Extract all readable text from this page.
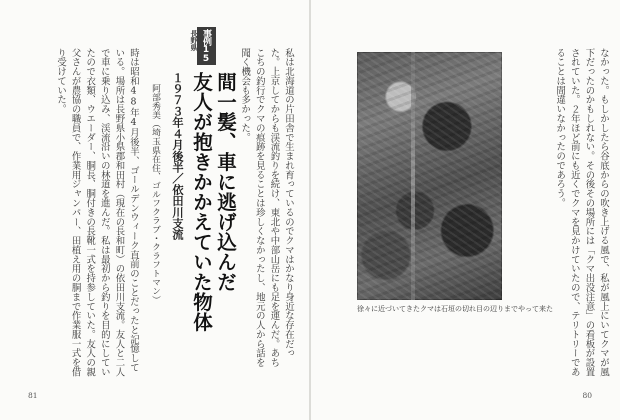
私は北海道の片田舎で生まれ育っているのでクマはかなり身近な存在だった。上京してからも渓流釣りを続け、東北や中部山岳にも足を運んだ。あちこちの釣行でクマの痕跡を見ることは珍しくなかったし、地元の人から話を聞く機会も多かった。
事例15
長野県
間一髪、車に逃げ込んだ
友人が抱きかかえていた物体
１９７３年４月後半／依田川支流
阿部秀美（埼玉県在住、ゴルフクラブ・クラフトマン）
時は昭和48年4月後半、ゴールデンウィーク直前のことだったと記憶している。場所は長野県小県郡和田村（現在の長和町）の依田川支流。友人と二人で車に乗り込み、渓流沿いの林道を進んだ。私は最初から釣りを目的にしていたので衣類、ウエーダー、胴長、胴付きの長靴一式を持参していた。友人の親父さんが農協の職員で、作業用ジャンパー、田植え用の胴まで作業服一式を借り受けていた。
81
なかった。もしかしたら谷底からの吹き上げる風で、私が風上にいてクマが風下だったのかもしれない。その後その場所には「クマ出没注意」の看板が設置されていた。２年ほど前にも近くでクマを見かけていたので、テリトリーであることは間違いなかったのであろう。
徐々に近づいてきたクマは石垣の切れ目の辺りまでやって来た
80
